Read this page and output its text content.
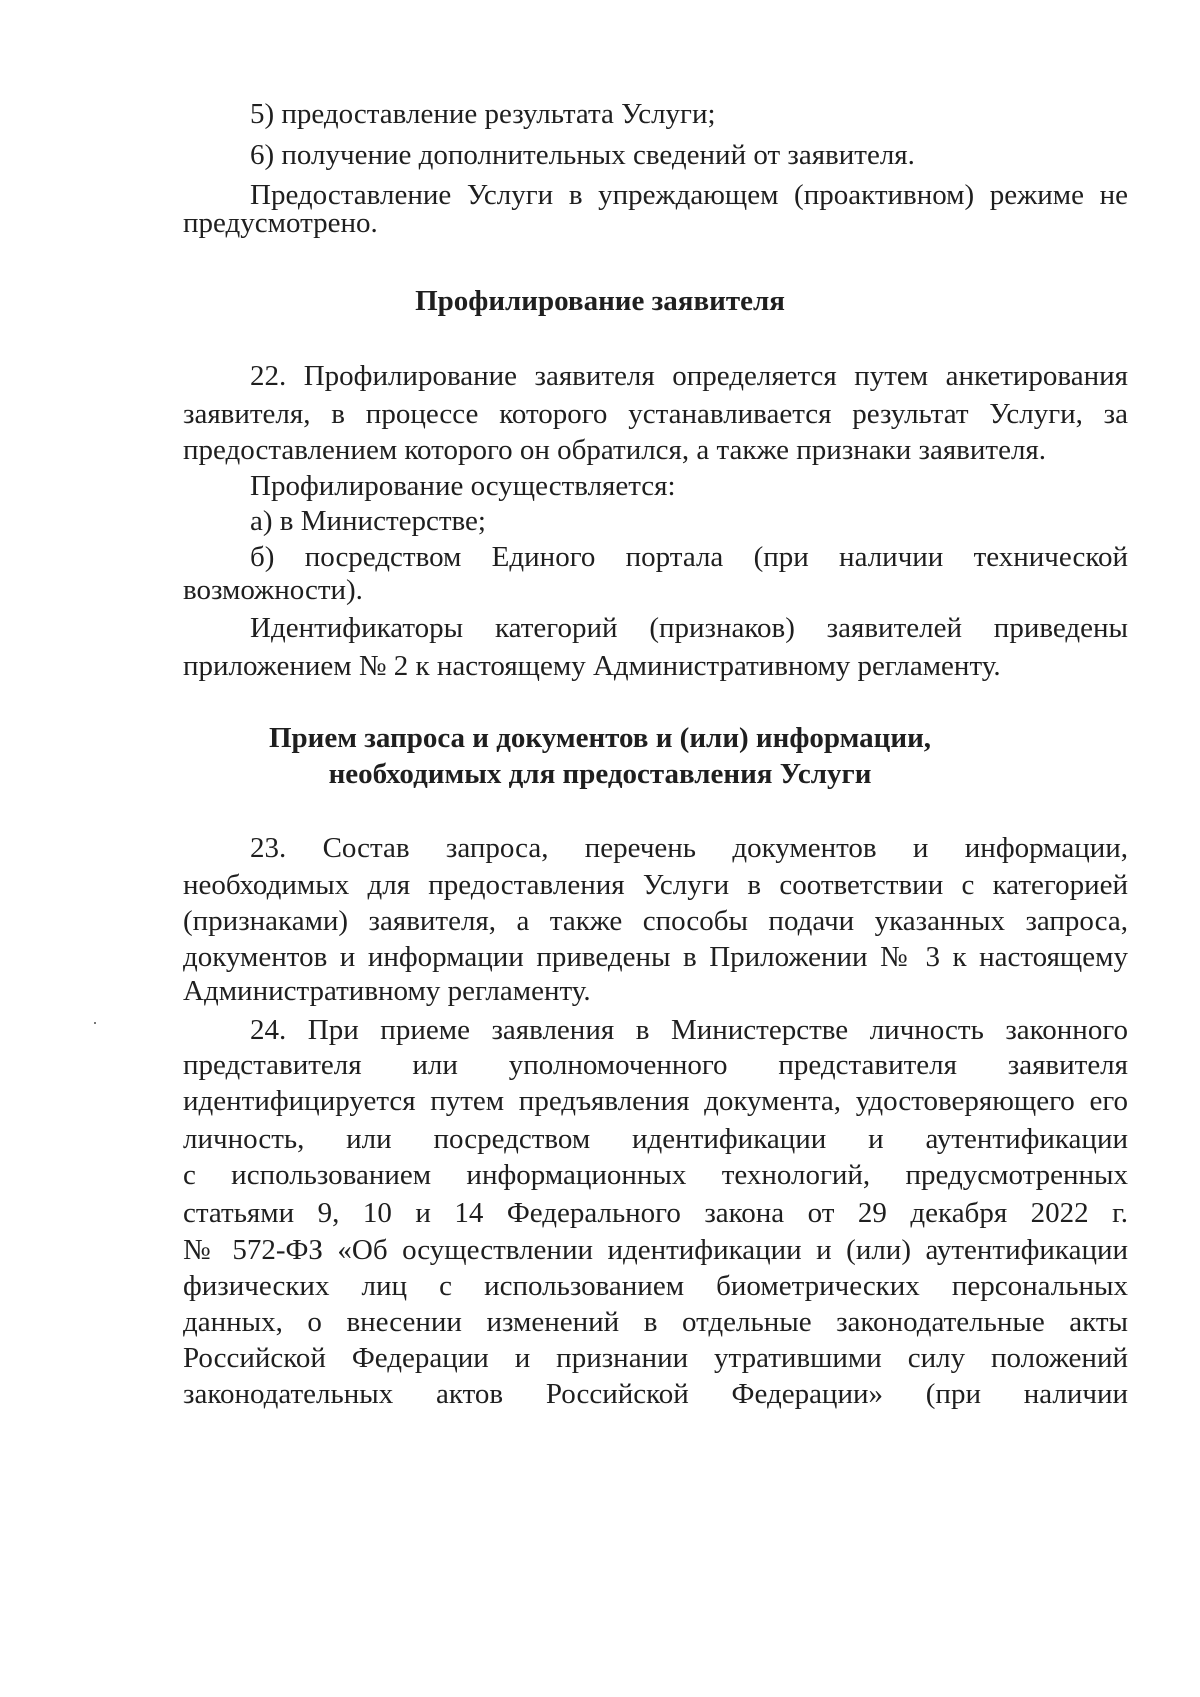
5) предоставление результата Услуги;
6) получение дополнительных сведений от заявителя.
Предоставление Услуги в упреждающем (проактивном) режиме не
предусмотрено.
Профилирование заявителя
22. Профилирование заявителя определяется путем анкетирования
заявителя, в процессе которого устанавливается результат Услуги, за
предоставлением которого он обратился, а также признаки заявителя.
Профилирование осуществляется:
а) в Министерстве;
б) посредством Единого портала (при наличии технической
возможности).
Идентификаторы категорий (признаков) заявителей приведены
приложением № 2 к настоящему Административному регламенту.
Прием запроса и документов и (или) информации,
необходимых для предоставления Услуги
23. Состав запроса, перечень документов и информации,
необходимых для предоставления Услуги в соответствии с категорией
(признаками) заявителя, а также способы подачи указанных запроса,
документов и информации приведены в Приложении № 3 к настоящему
Административному регламенту.
24. При приеме заявления в Министерстве личность законного
представителя или уполномоченного представителя заявителя
идентифицируется путем предъявления документа, удостоверяющего его
личность, или посредством идентификации и аутентификации
с использованием информационных технологий, предусмотренных
статьями 9, 10 и 14 Федерального закона от 29 декабря 2022 г.
№ 572-ФЗ «Об осуществлении идентификации и (или) аутентификации
физических лиц с использованием биометрических персональных
данных, о внесении изменений в отдельные законодательные акты
Российской Федерации и признании утратившими силу положений
законодательных актов Российской Федерации» (при наличии
